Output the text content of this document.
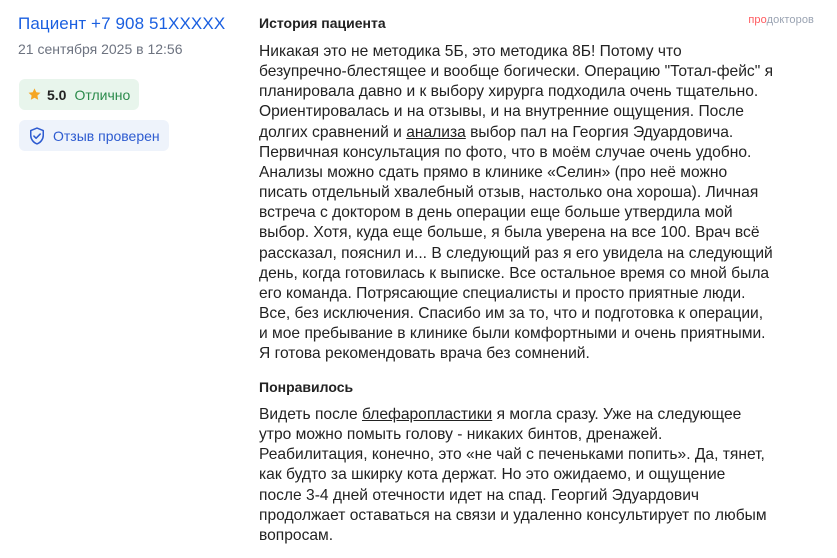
Пациент +7 908 51XXXXX
21 сентября 2025 в 12:56
5.0 Отлично
Отзыв проверен
продокторов
История пациента
Никакая это не методика 5Б, это методика 8Б! Потому что
безупречно-блестящее и вообще богически. Операцию "Тотал-фейс" я
планировала давно и к выбору хирурга подходила очень тщательно.
Ориентировалась и на отзывы, и на внутренние ощущения. После
долгих сравнений и анализа выбор пал на Георгия Эдуардовича.
Первичная консультация по фото, что в моём случае очень удобно.
Анализы можно сдать прямо в клинике «Селин» (про неё можно
писать отдельный хвалебный отзыв, настолько она хороша). Личная
встреча с доктором в день операции еще больше утвердила мой
выбор. Хотя, куда еще больше, я была уверена на все 100. Врач всё
рассказал, пояснил и... В следующий раз я его увидела на следующий
день, когда готовилась к выписке. Все остальное время со мной была
его команда. Потрясающие специалисты и просто приятные люди.
Все, без исключения. Спасибо им за то, что и подготовка к операции,
и мое пребывание в клинике были комфортными и очень приятными.
Я готова рекомендовать врача без сомнений.
Понравилось
Видеть после блефаропластики я могла сразу. Уже на следующее
утро можно помыть голову - никаких бинтов, дренажей.
Реабилитация, конечно, это «не чай с печеньками попить». Да, тянет,
как будто за шкирку кота держат. Но это ожидаемо, и ощущение
после 3-4 дней отечности идет на спад. Георгий Эдуардович
продолжает оставаться на связи и удаленно консультирует по любым
вопросам.
